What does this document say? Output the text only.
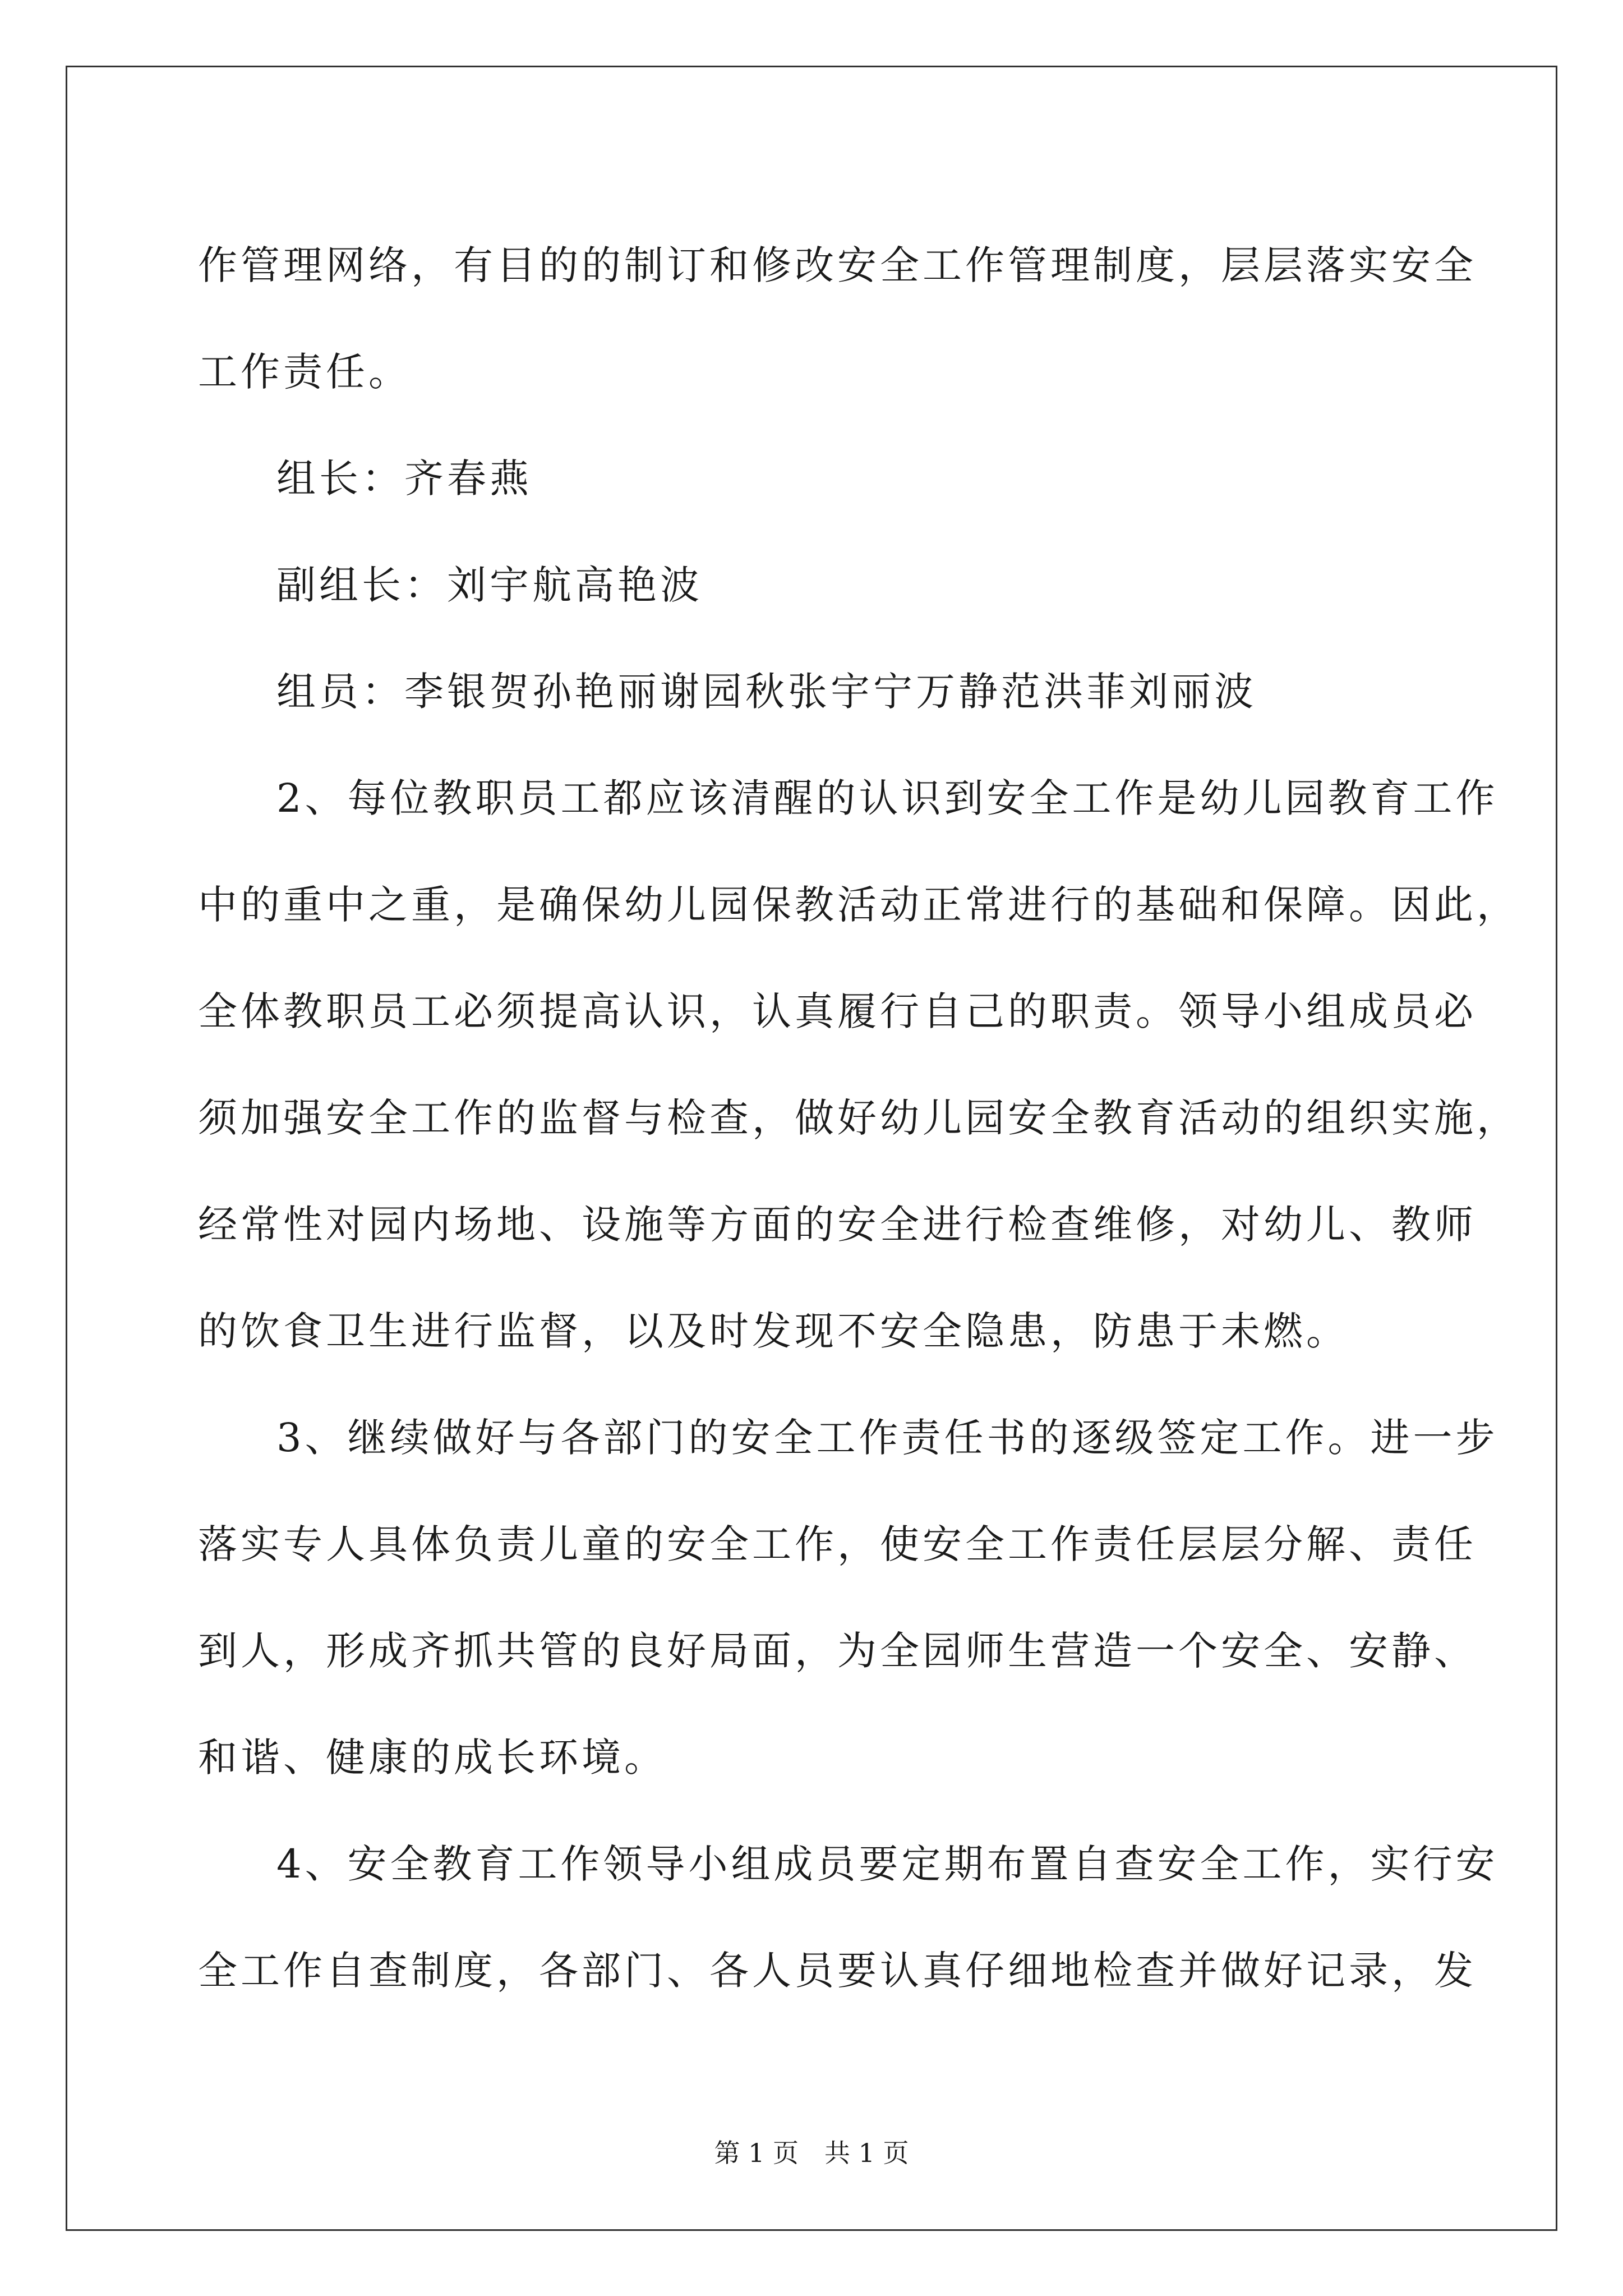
作管理网络，有目的的制订和修改安全工作管理制度，层层落实安全
工作责任。
组长：齐春燕
副组长：刘宇航高艳波
组员：李银贺孙艳丽谢园秋张宇宁万静范洪菲刘丽波
2、每位教职员工都应该清醒的认识到安全工作是幼儿园教育工作
中的重中之重，是确保幼儿园保教活动正常进行的基础和保障。因此，
全体教职员工必须提高认识，认真履行自己的职责。领导小组成员必
须加强安全工作的监督与检查，做好幼儿园安全教育活动的组织实施，
经常性对园内场地、设施等方面的安全进行检查维修，对幼儿、教师
的饮食卫生进行监督，以及时发现不安全隐患，防患于未燃。
3、继续做好与各部门的安全工作责任书的逐级签定工作。进一步
落实专人具体负责儿童的安全工作，使安全工作责任层层分解、责任
到人，形成齐抓共管的良好局面，为全园师生营造一个安全、安静、
和谐、健康的成长环境。
4、安全教育工作领导小组成员要定期布置自查安全工作，实行安
全工作自查制度，各部门、各人员要认真仔细地检查并做好记录，发
第 1 页　共 1 页
